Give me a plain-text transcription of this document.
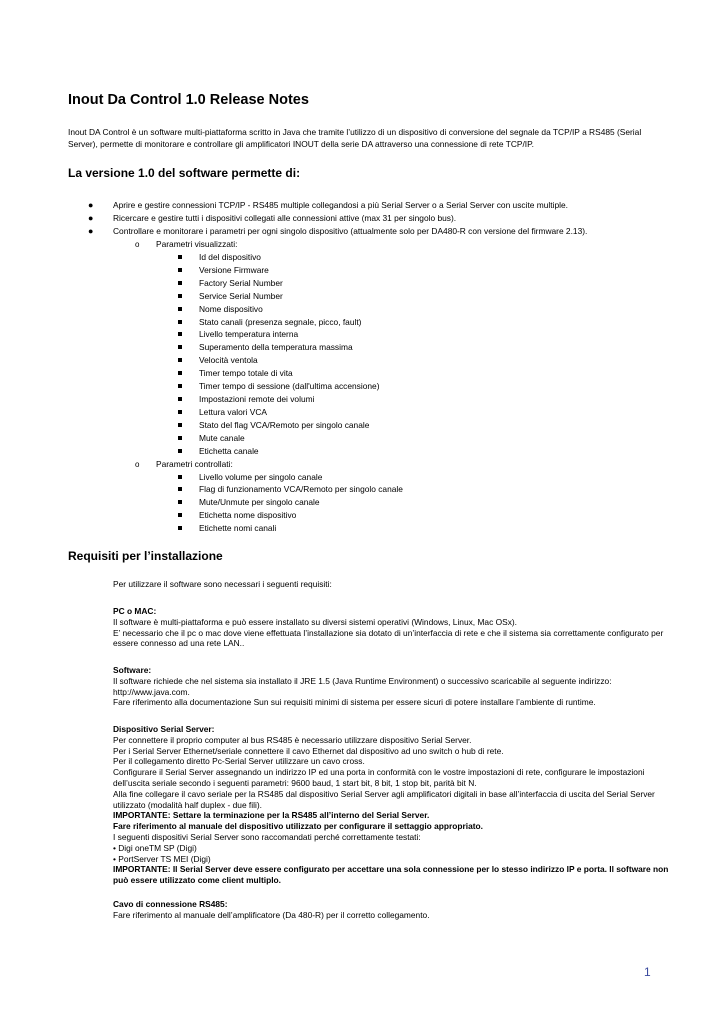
Inout Da Control 1.0 Release Notes

Inout DA Control è un software multi-piattaforma scritto in Java che tramite l’utilizzo di un dispositivo di conversione del segnale da TCP/IP a RS485 (Serial Server), permette di monitorare e controllare gli amplificatori INOUT della serie DA attraverso una connessione di rete TCP/IP.

La versione 1.0 del software permette di:
● Aprire e gestire connessioni TCP/IP - RS485 multiple collegandosi a più Serial Server o a Serial Server con uscite multiple.
● Ricercare e gestire tutti i dispositivi collegati alle connessioni attive (max 31 per singolo bus).
● Controllare e monitorare i parametri per ogni singolo dispositivo (attualmente solo per DA480-R con versione del firmware 2.13).
o Parametri visualizzati:
Id del dispositivo
Versione Firmware
Factory Serial Number
Service Serial Number
Nome dispositivo
Stato canali (presenza segnale, picco, fault)
Livello temperatura interna
Superamento della temperatura massima
Velocità ventola
Timer tempo totale di vita
Timer tempo di sessione (dall'ultima accensione)
Impostazioni remote dei volumi
Lettura valori VCA
Stato del flag VCA/Remoto per singolo canale
Mute canale
Etichetta canale
o Parametri controllati:
Livello volume per singolo canale
Flag di funzionamento VCA/Remoto per singolo canale
Mute/Unmute per singolo canale
Etichetta nome dispositivo
Etichette nomi canali
Requisiti per l’installazione

Per utilizzare il software sono necessari i seguenti requisiti:

PC o MAC:
Il software è multi-piattaforma e può essere installato su diversi sistemi operativi (Windows, Linux, Mac OSx).
E’ necessario che il pc o mac dove viene effettuata l’installazione sia dotato di un’interfaccia di rete e che il sistema sia correttamente configurato per essere connesso ad una rete LAN..
Software:
Il software richiede che nel sistema sia installato il JRE 1.5 (Java Runtime Environment) o successivo scaricabile al seguente indirizzo: http://www.java.com.
Fare riferimento alla documentazione Sun sui requisiti minimi di sistema per essere sicuri di potere installare l’ambiente di runtime.
Dispositivo Serial Server:
Per connettere il proprio computer al bus RS485 è necessario utilizzare dispositivo Serial Server.
Per i Serial Server Ethernet/seriale connettere il cavo Ethernet dal dispositivo ad uno switch o hub di rete.
Per il collegamento diretto Pc-Serial Server utilizzare un cavo cross.
Configurare il Serial Server assegnando un indirizzo IP ed una porta in conformità con le vostre impostazioni di rete, configurare le impostazioni dell’uscita seriale secondo i seguenti parametri: 9600 baud, 1 start bit, 8 bit, 1 stop bit, parità bit N.
Alla fine collegare il cavo seriale per la RS485 dal dispositivo Serial Server agli amplificatori digitali in base all’interfaccia di uscita del Serial Server utilizzato (modalità half duplex - due fili).
IMPORTANTE: Settare la terminazione per la RS485 all’interno del Serial Server.
Fare riferimento al manuale del dispositivo utilizzato per configurare il settaggio appropriato.
I seguenti dispositivi Serial Server sono raccomandati perché correttamente testati:
• Digi oneTM SP (Digi)
• PortServer TS MEI (Digi)
IMPORTANTE: Il Serial Server deve essere configurato per accettare una sola connessione per lo stesso indirizzo IP e porta. Il software non può essere utilizzato come client multiplo.
Cavo di connessione RS485:
Fare riferimento al manuale dell’amplificatore (Da 480-R) per il corretto collegamento.
1
